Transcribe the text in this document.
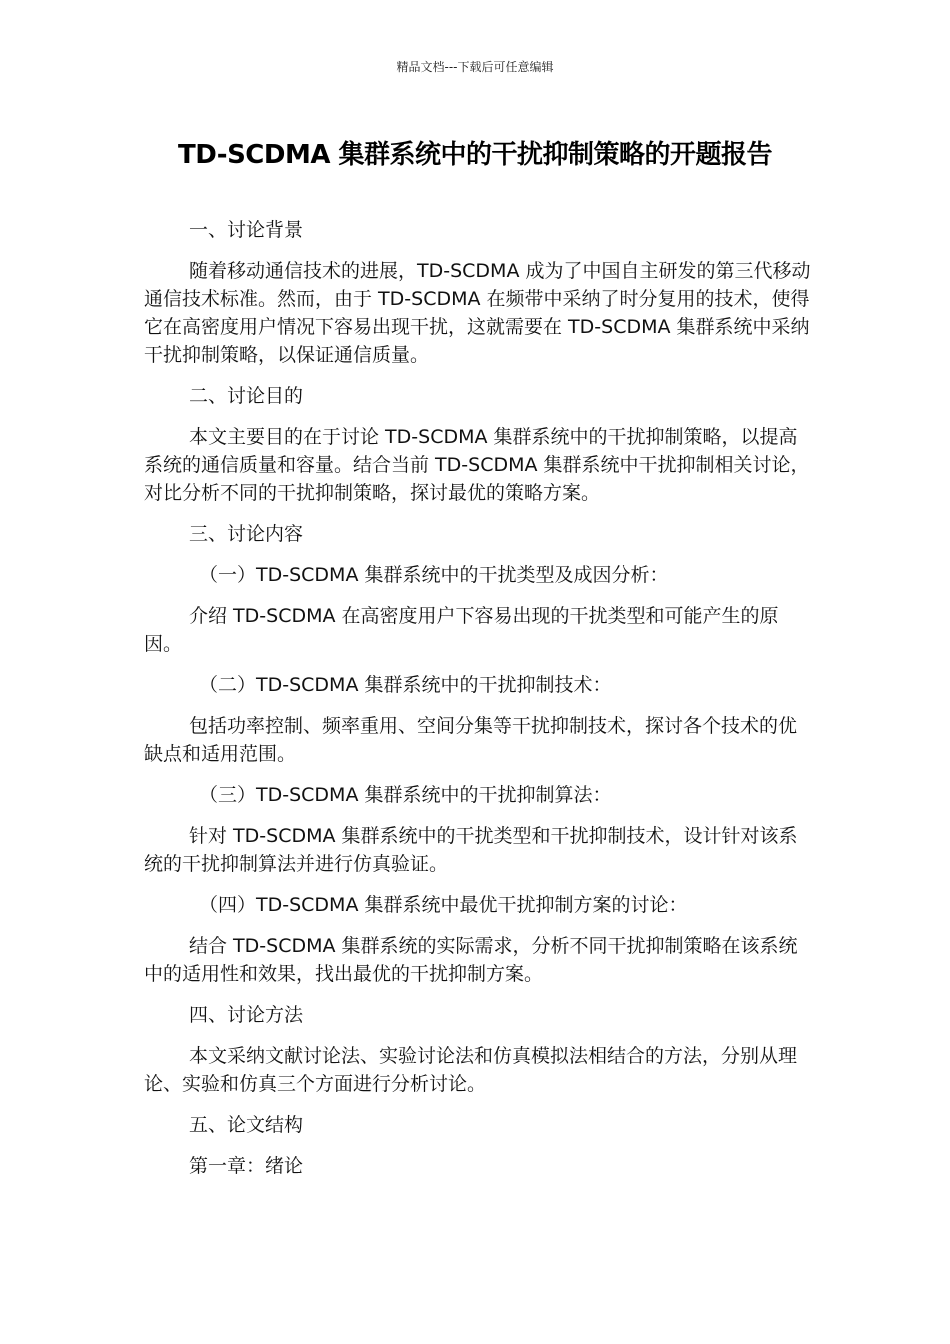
精品文档---下载后可任意编辑
TD-SCDMA 集群系统中的干扰抑制策略的开题报告

一、讨论背景

随着移动通信技术的进展，TD-SCDMA 成为了中国自主研发的第三代移动通信技术标准。然而，由于 TD-SCDMA 在频带中采纳了时分复用的技术，使得它在高密度用户情况下容易出现干扰，这就需要在 TD-SCDMA 集群系统中采纳干扰抑制策略，以保证通信质量。

二、讨论目的

本文主要目的在于讨论 TD-SCDMA 集群系统中的干扰抑制策略，以提高系统的通信质量和容量。结合当前 TD-SCDMA 集群系统中干扰抑制相关讨论，对比分析不同的干扰抑制策略，探讨最优的策略方案。

三、讨论内容

（一）TD-SCDMA 集群系统中的干扰类型及成因分析：

介绍 TD-SCDMA 在高密度用户下容易出现的干扰类型和可能产生的原因。

（二）TD-SCDMA 集群系统中的干扰抑制技术：

包括功率控制、频率重用、空间分集等干扰抑制技术，探讨各个技术的优缺点和适用范围。

（三）TD-SCDMA 集群系统中的干扰抑制算法：

针对 TD-SCDMA 集群系统中的干扰类型和干扰抑制技术，设计针对该系统的干扰抑制算法并进行仿真验证。

（四）TD-SCDMA 集群系统中最优干扰抑制方案的讨论：

结合 TD-SCDMA 集群系统的实际需求，分析不同干扰抑制策略在该系统中的适用性和效果，找出最优的干扰抑制方案。

四、讨论方法

本文采纳文献讨论法、实验讨论法和仿真模拟法相结合的方法，分别从理论、实验和仿真三个方面进行分析讨论。

五、论文结构

第一章：绪论
